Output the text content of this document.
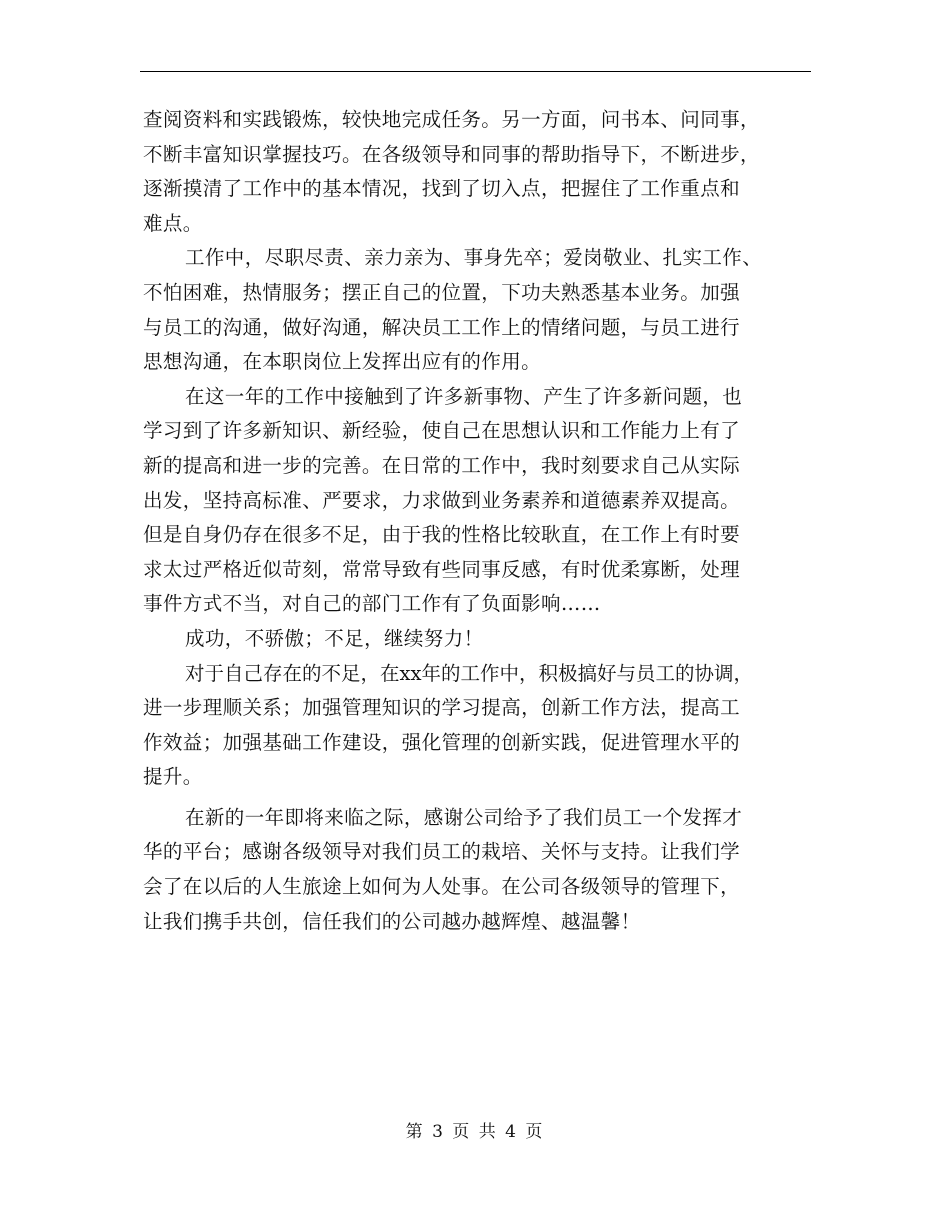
查阅资料和实践锻炼，较快地完成任务。另一方面，问书本、问同事，
不断丰富知识掌握技巧。在各级领导和同事的帮助指导下，不断进步，
逐渐摸清了工作中的基本情况，找到了切入点，把握住了工作重点和
难点。
工作中，尽职尽责、亲力亲为、事身先卒；爱岗敬业、扎实工作、
不怕困难，热情服务；摆正自己的位置，下功夫熟悉基本业务。加强
与员工的沟通，做好沟通，解决员工工作上的情绪问题，与员工进行
思想沟通，在本职岗位上发挥出应有的作用。
在这一年的工作中接触到了许多新事物、产生了许多新问题，也
学习到了许多新知识、新经验，使自己在思想认识和工作能力上有了
新的提高和进一步的完善。在日常的工作中，我时刻要求自己从实际
出发，坚持高标准、严要求，力求做到业务素养和道德素养双提高。
但是自身仍存在很多不足，由于我的性格比较耿直，在工作上有时要
求太过严格近似苛刻，常常导致有些同事反感，有时优柔寡断，处理
事件方式不当，对自己的部门工作有了负面影响……
成功，不骄傲；不足，继续努力！
对于自己存在的不足，在xx年的工作中，积极搞好与员工的协调，
进一步理顺关系；加强管理知识的学习提高，创新工作方法，提高工
作效益；加强基础工作建设，强化管理的创新实践，促进管理水平的
提升。
在新的一年即将来临之际，感谢公司给予了我们员工一个发挥才
华的平台；感谢各级领导对我们员工的栽培、关怀与支持。让我们学
会了在以后的人生旅途上如何为人处事。在公司各级领导的管理下，
让我们携手共创，信任我们的公司越办越辉煌、越温馨！
第 3 页 共 4 页
